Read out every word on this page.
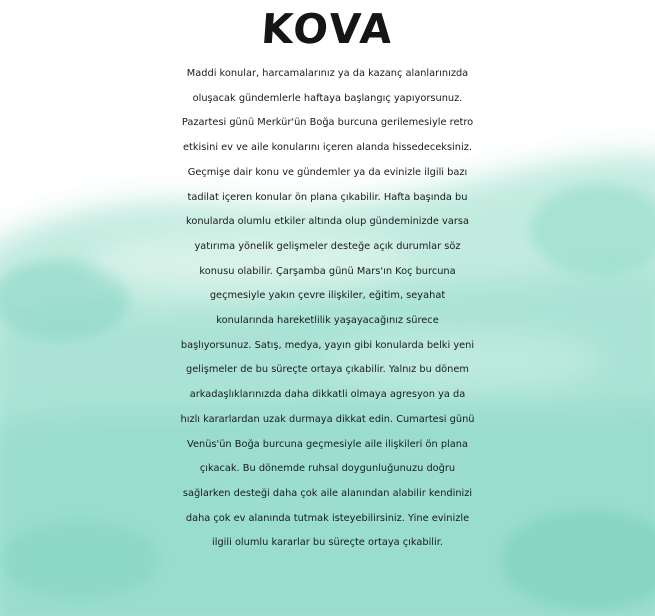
KOVA
Maddi konular, harcamalarınız ya da kazanç alanlarınızda
oluşacak gündemlerle haftaya başlangıç yapıyorsunuz.
Pazartesi günü Merkür'ün Boğa burcuna gerilemesiyle retro
etkisini ev ve aile konularını içeren alanda hissedeceksiniz.
Geçmişe dair konu ve gündemler ya da evinizle ilgili bazı
tadilat içeren konular ön plana çıkabilir. Hafta başında bu
konularda olumlu etkiler altında olup gündeminizde varsa
yatırıma yönelik gelişmeler desteğe açık durumlar söz
konusu olabilir. Çarşamba günü Mars'ın Koç burcuna
geçmesiyle yakın çevre ilişkiler, eğitim, seyahat
konularında hareketlilik yaşayacağınız sürece
başlıyorsunuz. Satış, medya, yayın gibi konularda belki yeni
gelişmeler de bu süreçte ortaya çıkabilir. Yalnız bu dönem
arkadaşlıklarınızda daha dikkatli olmaya agresyon ya da
hızlı kararlardan uzak durmaya dikkat edin. Cumartesi günü
Venüs'ün Boğa burcuna geçmesiyle aile ilişkileri ön plana
çıkacak. Bu dönemde ruhsal doygunluğunuzu doğru
sağlarken desteği daha çok aile alanından alabilir kendinizi
daha çok ev alanında tutmak isteyebilirsiniz. Yine evinizle
ilgili olumlu kararlar bu süreçte ortaya çıkabilir.
